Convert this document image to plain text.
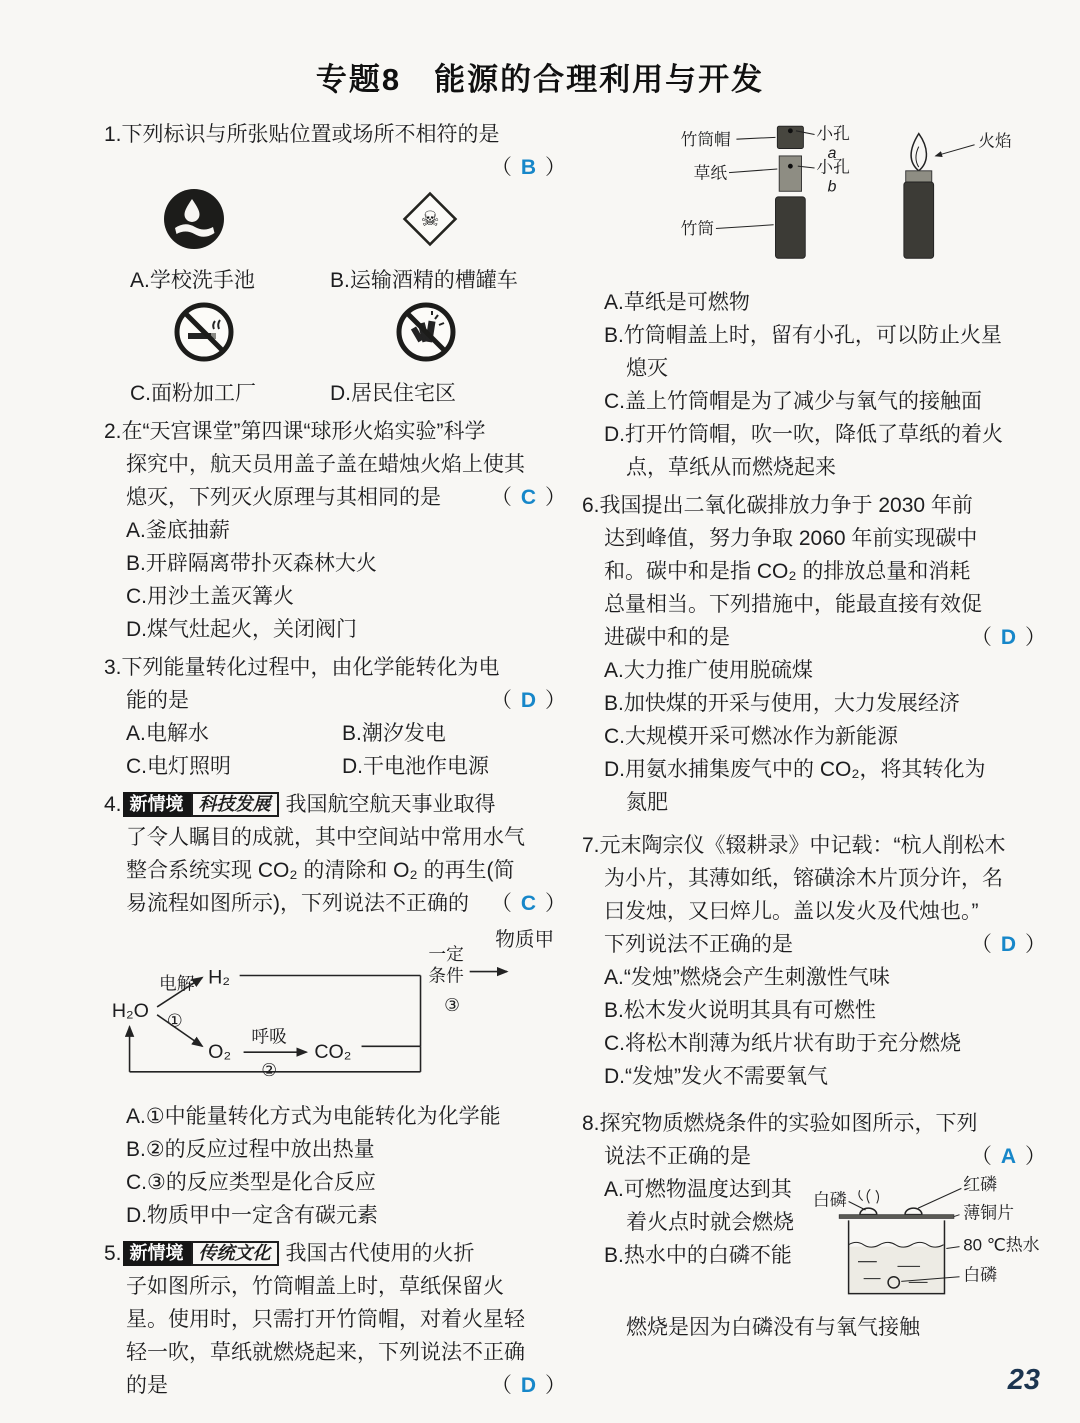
专题8　能源的合理利用与开发
1.下列标识与所张贴位置或场所不相符的是
（ B ）
☠
A.学校洗手池	B.运输酒精的槽罐车
C.面粉加工厂	D.居民住宅区
2.在“天宫课堂”第四课“球形火焰实验”科学
探究中，航天员用盖子盖在蜡烛火焰上使其
熄灭，下列灭火原理与其相同的是 （ C ）
A.釜底抽薪
B.开辟隔离带扑灭森林大火
C.用沙土盖灭篝火
D.煤气灶起火，关闭阀门
3.下列能量转化过程中，由化学能转化为电
能的是	（ D ）
A.电解水	B.潮汐发电
C.电灯照明	D.干电池作电源
4. 新情境 科技发展 我国航空航天事业取得
了令人瞩目的成就，其中空间站中常用水气
整合系统实现 CO₂ 的清除和 O₂ 的再生(简
易流程如图所示)，下列说法不正确的 （ C ）
H₂O
电解
①
H₂
O₂
呼吸
②
CO₂
一定
条件
物质甲
③
A.①中能量转化方式为电能转化为化学能
B.②的反应过程中放出热量
C.③的反应类型是化合反应
D.物质甲中一定含有碳元素
5. 新情境 传统文化 我国古代使用的火折
子如图所示，竹筒帽盖上时，草纸保留火
星。使用时，只需打开竹筒帽，对着火星轻
轻一吹，草纸就燃烧起来，下列说法不正确
的是	（ D ）
竹筒帽	小孔
a
小孔
b
草纸
竹筒
火焰
A.草纸是可燃物
B.竹筒帽盖上时，留有小孔，可以防止火星
熄灭
C.盖上竹筒帽是为了减少与氧气的接触面
D.打开竹筒帽，吹一吹，降低了草纸的着火
点，草纸从而燃烧起来
6.我国提出二氧化碳排放力争于 2030 年前
达到峰值，努力争取 2060 年前实现碳中
和。碳中和是指 CO₂ 的排放总量和消耗
总量相当。下列措施中，能最直接有效促
进碳中和的是	（ D ）
A.大力推广使用脱硫煤
B.加快煤的开采与使用，大力发展经济
C.大规模开采可燃冰作为新能源
D.用氨水捕集废气中的 CO₂，将其转化为
氮肥
7.元末陶宗仪《辍耕录》中记载：“杭人削松木
为小片，其薄如纸，镕磺涂木片顶分许，名
曰发烛，又曰焠儿。盖以发火及代烛也。”
下列说法不正确的是	（ D ）
A.“发烛”燃烧会产生刺激性气味
B.松木发火说明其具有可燃性
C.将松木削薄为纸片状有助于充分燃烧
D.“发烛”发火不需要氧气
8.探究物质燃烧条件的实验如图所示，下列
说法不正确的是	（ A ）
A.可燃物温度达到其
着火点时就会燃烧
B.热水中的白磷不能
白磷
红磷
薄铜片
80 ℃热水
白磷
燃烧是因为白磷没有与氧气接触
23
